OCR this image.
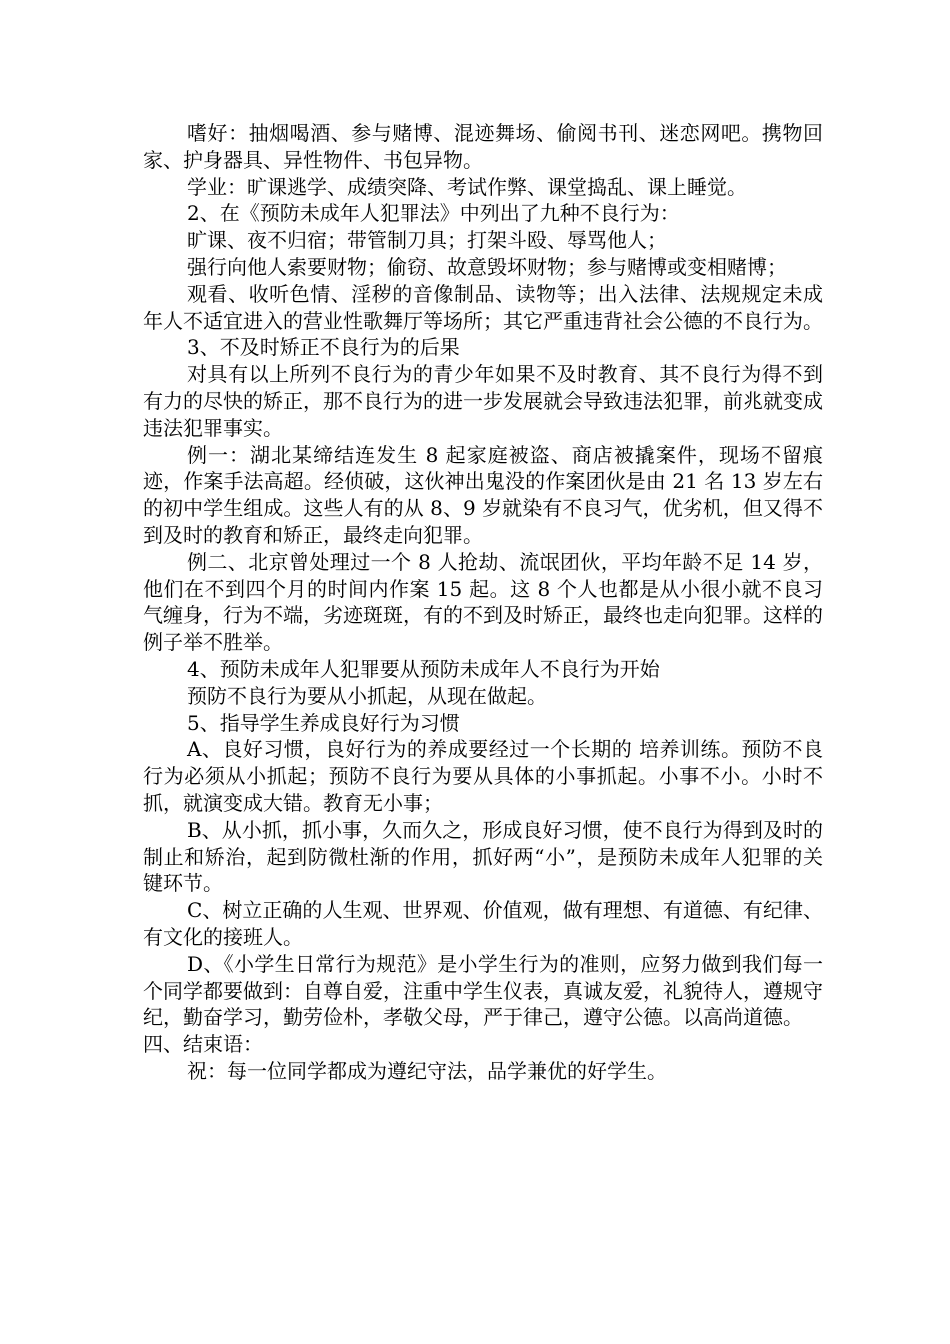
嗜好：抽烟喝酒、参与赌博、混迹舞场、偷阅书刊、迷恋网吧。携物回家、护身器具、异性物件、书包异物。

学业：旷课逃学、成绩突降、考试作弊、课堂捣乱、课上睡觉。

2、在《预防未成年人犯罪法》中列出了九种不良行为：

旷课、夜不归宿；带管制刀具；打架斗殴、辱骂他人；

强行向他人索要财物；偷窃、故意毁坏财物；参与赌博或变相赌博；

观看、收听色情、淫秽的音像制品、读物等；出入法律、法规规定未成年人不适宜进入的营业性歌舞厅等场所；其它严重违背社会公德的不良行为。

3、不及时矫正不良行为的后果

对具有以上所列不良行为的青少年如果不及时教育、其不良行为得不到有力的尽快的矫正，那不良行为的进一步发展就会导致违法犯罪，前兆就变成违法犯罪事实。

例一：湖北某缔结连发生 8 起家庭被盗、商店被撬案件，现场不留痕迹，作案手法高超。经侦破，这伙神出鬼没的作案团伙是由 21 名 13 岁左右的初中学生组成。这些人有的从 8、9 岁就染有不良习气，优劣机，但又得不到及时的教育和矫正，最终走向犯罪。

例二、北京曾处理过一个 8 人抢劫、流氓团伙，平均年龄不足 14 岁，他们在不到四个月的时间内作案 15 起。这 8 个人也都是从小很小就不良习气缠身，行为不端，劣迹斑斑，有的不到及时矫正，最终也走向犯罪。这样的例子举不胜举。

4、预防未成年人犯罪要从预防未成年人不良行为开始

预防不良行为要从小抓起，从现在做起。

5、指导学生养成良好行为习惯

A、良好习惯，良好行为的养成要经过一个长期的 培养训练。预防不良行为必须从小抓起；预防不良行为要从具体的小事抓起。小事不小。小时不抓，就演变成大错。教育无小事；

B、从小抓，抓小事，久而久之，形成良好习惯，使不良行为得到及时的制止和矫治，起到防微杜渐的作用，抓好两“小”，是预防未成年人犯罪的关键环节。

C、树立正确的人生观、世界观、价值观，做有理想、有道德、有纪律、有文化的接班人。

D、《小学生日常行为规范》是小学生行为的准则，应努力做到我们每一个同学都要做到：自尊自爱，注重中学生仪表，真诚友爱，礼貌待人，遵规守纪，勤奋学习，勤劳俭朴，孝敬父母，严于律己，遵守公德。以高尚道德。

四、结束语：

祝：每一位同学都成为遵纪守法，品学兼优的好学生。
